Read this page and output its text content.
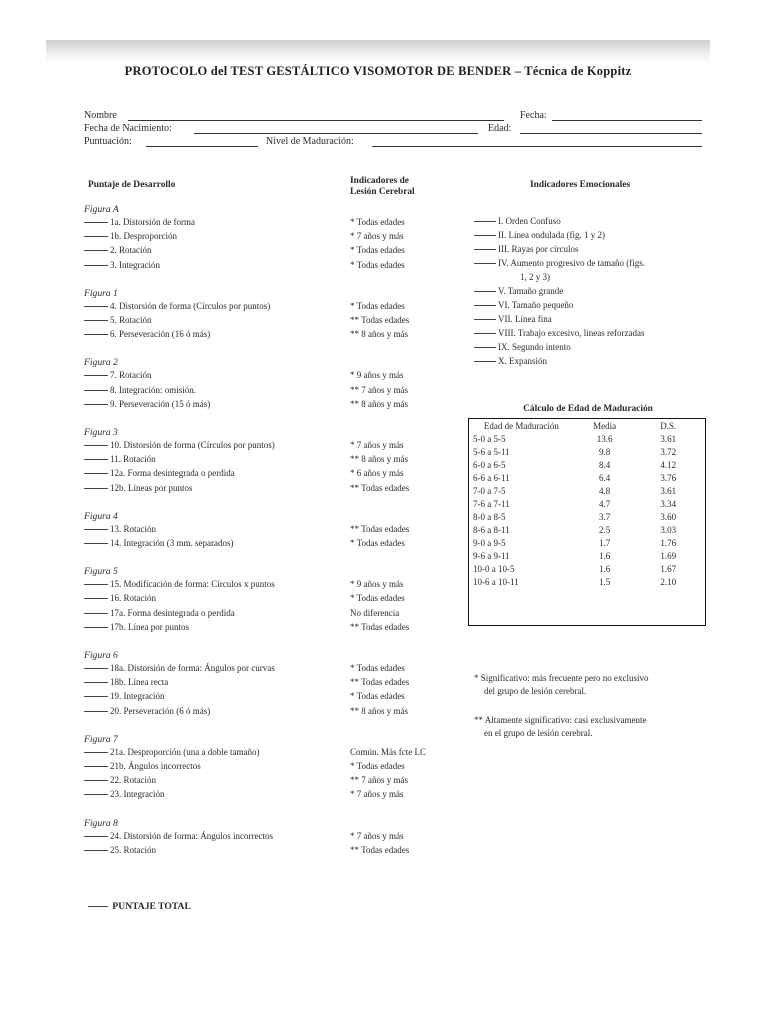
PROTOCOLO del TEST GESTÁLTICO VISOMOTOR DE BENDER – Técnica de Koppitz
Nombre	Fecha:
Fecha de Nacimiento:	Edad:
Puntuación:	Nivel de Maduración:
Puntaje de Desarrollo	Indicadores de
Lesión Cerebral
Indicadores Emocionales
Figura A
1a. Distorsión de forma	* Todas edades
1b. Desproporción	* 7 años y más
2. Rotación	* Todas edades
3. Integración	* Todas edades
Figura 1
4. Distorsión de forma (Círculos por puntos)	* Todas edades
5. Rotación	** Todas edades
6. Perseveración (16 ó más)	** 8 años y más
Figura 2
7. Rotación	* 9 años y más
8. Integración: omisión.	** 7 años y más
9. Perseveración (15 ó más)	** 8 años y más
Figura 3
10. Distorsión de forma (Círculos por puntos)	* 7 años y más
11. Rotación	** 8 años y más
12a. Forma desintegrada o perdida	* 6 años y más
12b. Líneas por puntos	** Todas edades
Figura 4
13. Rotación	** Todas edades
14. Integración (3 mm. separados)	* Todas edades
Figura 5
15. Modificación de forma: Círculos x puntos	* 9 años y más
16. Rotación	* Todas edades
17a. Forma desintegrada o perdida	No diferencia
17b. Línea por puntos	** Todas edades
Figura 6
18a. Distorsión de forma: Ángulos por curvas	* Todas edades
18b. Línea recta	** Todas edades
19. Integración	* Todas edades
20. Perseveración (6 ó más)	** 8 años y más
Figura 7
21a. Desproporción (una a doble tamaño)	Común. Más fcte LC
21b. Ángulos incorrectos	* Todas edades
22. Rotación	** 7 años y más
23. Integración	* 7 años y más
Figura 8
24. Distorsión de forma: Ángulos incorrectos	* 7 años y más
25. Rotación	** Todas edades
I. Orden Confuso
II. Línea ondulada (fig. 1 y 2)
III. Rayas por círculos
IV. Aumento progresivo de tamaño (figs.
1, 2 y 3)
V. Tamaño grande
VI. Tamaño pequeño
VII. Línea fina
VIII. Trabajo excesivo, líneas reforzadas
IX. Segundo intento
X. Expansión
Cálculo de Edad de Maduración
Edad de Maduración	Media	D.S.
5-0 a 5-5	13.6	3.61
5-6 a 5-11	9.8	3.72
6-0 a 6-5	8.4	4.12
6-6 a 6-11	6.4	3.76
7-0 a 7-5	4.8	3.61
7-6 a 7-11	4.7	3.34
8-0 a 8-5	3.7	3.60
8-6 a 8-11	2.5	3.03
9-0 a 9-5	1.7	1.76
9-6 a 9-11	1.6	1.69
10-0 a 10-5	1.6	1.67
10-6 a 10-11	1.5	2.10
* Significativo: más frecuente pero no exclusivo
del grupo de lesión cerebral.
** Altamente significativo: casi exclusivamente
en el grupo de lesión cerebral.
PUNTAJE TOTAL
